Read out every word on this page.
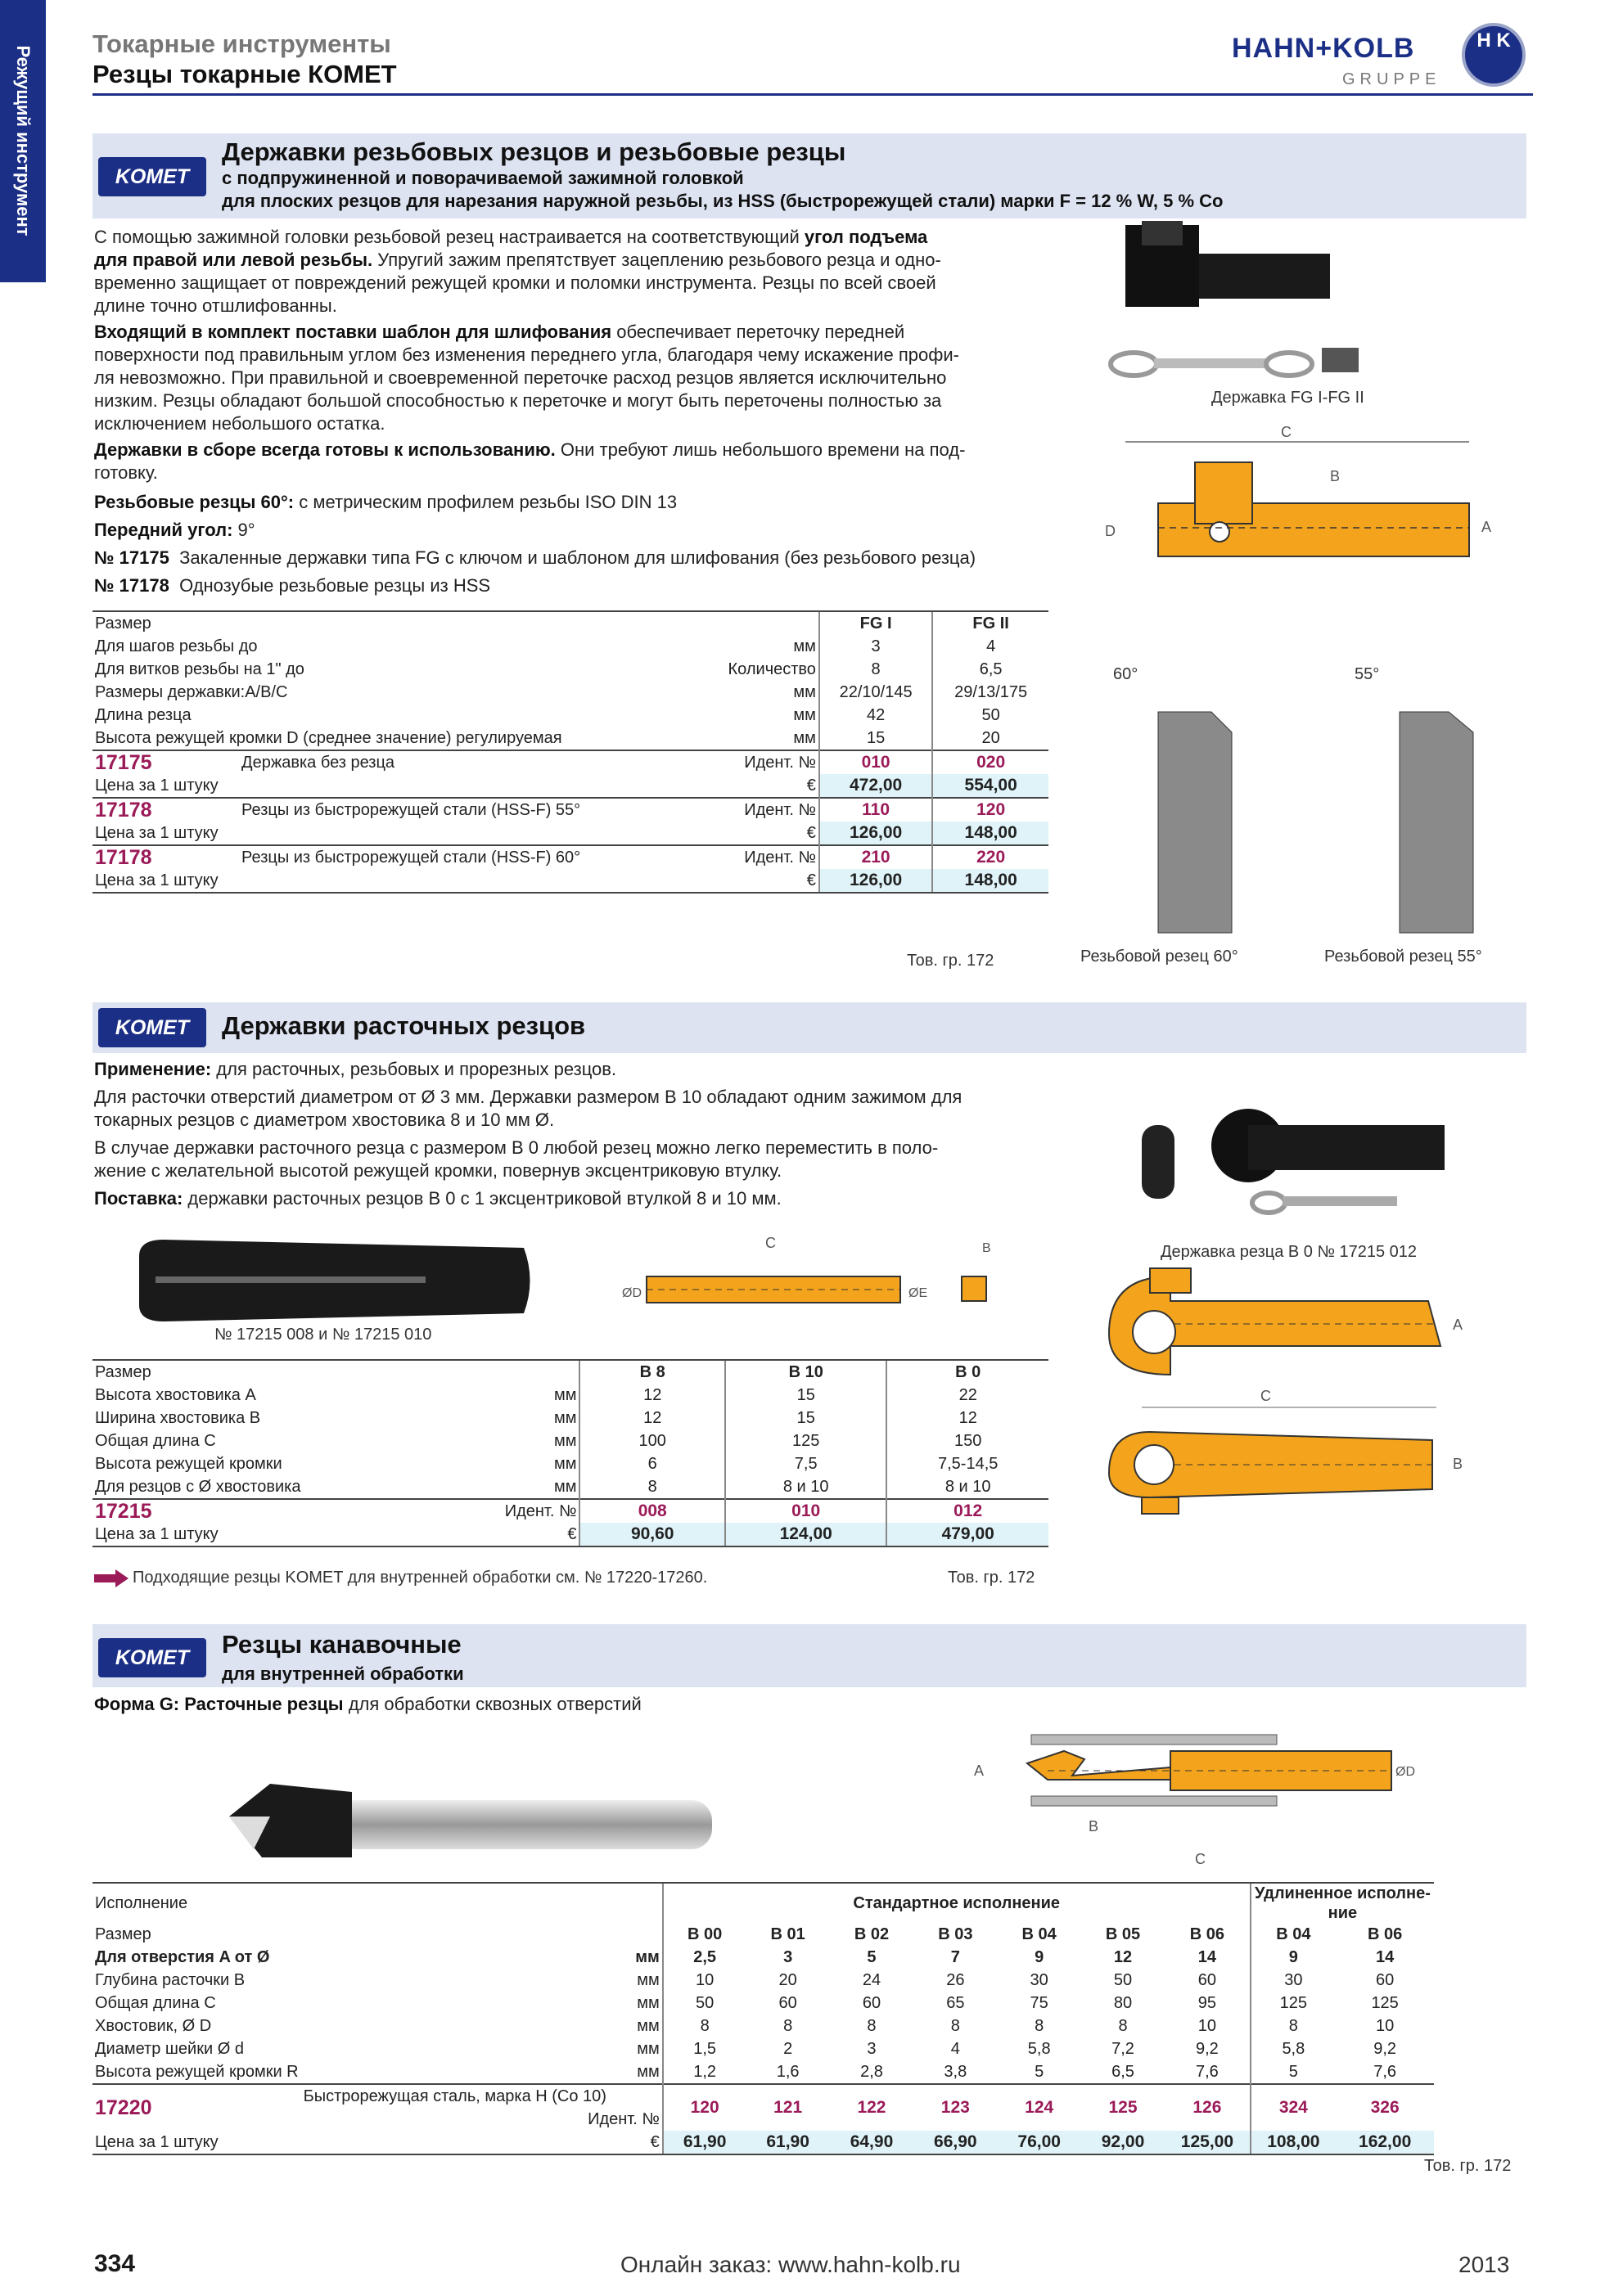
Режущий инструмент
Токарные инструменты
Резцы токарные КОМЕТ
HAHN+KOLB
GRUPPE
H K
KOMET
Державки резьбовых резцов и резьбовые резцы
с подпружиненной и поворачиваемой зажимной головкой
для плоских резцов для нарезания наружной резьбы, из HSS (быстрорежущей стали) марки F = 12 % W, 5 % Co
С помощью зажимной головки резьбовой резец настраивается на соответствующий угол подъема
для правой или левой резьбы. Упругий зажим препятствует зацеплению резьбового резца и одно-
временно защищает от повреждений режущей кромки и поломки инструмента. Резцы по всей своей
длине точно отшлифованны.
Входящий в комплект поставки шаблон для шлифования обеспечивает переточку передней
поверхности под правильным углом без изменения переднего угла, благодаря чему искажение профи-
ля невозможно. При правильной и своевременной переточке расход резцов является исключительно
низким. Резцы обладают большой способностью к переточке и могут быть переточены полностью за
исключением небольшого остатка.
Державки в сборе всегда готовы к использованию. Они требуют лишь небольшого времени на под-
готовку.
Резьбовые резцы 60°: с метрическим профилем резьбы ISO DIN 13
Передний угол: 9°
№ 17175 Закаленные державки типа FG с ключом и шаблоном для шлифования (без резьбового резца)
№ 17178 Однозубые резьбовые резцы из HSS
Размер			FG I	FG II
Для шагов резьбы до		мм	3	4
Для витков резьбы на 1" до		Количество	8	6,5
Размеры державки:A/B/C		мм	22/10/145	29/13/175
Длина резца		мм	42	50
Высота режущей кромки D (среднее значение) регулируемая		мм	15	20
17175	Державка без резца	Идент. №	010	020
Цена за 1 штуку		€	472,00	554,00
17178	Резцы из быстрорежущей стали (HSS-F) 55°	Идент. №	110	120
Цена за 1 штуку		€	126,00	148,00
17178	Резцы из быстрорежущей стали (HSS-F) 60°	Идент. №	210	220
Цена за 1 штуку		€	126,00	148,00
Тов. гр. 172
Державка FG I-FG II
C
B
A
D
60°	55°
Резьбовой резец 60°	Резьбовой резец 55°
KOMET	Державки расточных резцов
Применение: для расточных, резьбовых и прорезных резцов.
Для расточки отверстий диаметром от Ø 3 мм. Державки размером B 10 обладают одним зажимом для
токарных резцов с диаметром хвостовика 8 и 10 мм Ø.
В случае державки расточного резца с размером B 0 любой резец можно легко переместить в поло-
жение с желательной высотой режущей кромки, повернув эксцентриковую втулку.
Поставка: державки расточных резцов B 0 с 1 эксцентриковой втулкой 8 и 10 мм.
C
ØD	ØE
B
№ 17215 008 и № 17215 010
Державка резца B 0 № 17215 012
A
C
B
Размер		B 8	B 10	B 0
Высота хвостовика A	мм	12	15	22
Ширина хвостовика B	мм	12	15	12
Общая длина C	мм	100	125	150
Высота режущей кромки	мм	6	7,5	7,5-14,5
Для резцов с Ø хвостовика	мм	8	8 и 10	8 и 10
17215	Идент. №	008	010	012
Цена за 1 штуку	€	90,60	124,00	479,00
Подходящие резцы KOMET для внутренней обработки см. № 17220-17260.	Тов. гр. 172
KOMET	Резцы канавочные
для внутренней обработки
Форма G: Расточные резцы для обработки сквозных отверстий
A
B
C
ØD
Исполнение		Стандартное исполнение							Удлиненное исполне-ние	
Размер		B 00	B 01	B 02	B 03	B 04	B 05	B 06	B 04	B 06
Для отверстия A от Ø	мм	2,5	3	5	7	9	12	14	9	14
Глубина расточки B	мм	10	20	24	26	30	50	60	30	60
Общая длина C	мм	50	60	60	65	75	80	95	125	125
Хвостовик, Ø D	мм	8	8	8	8	8	8	10	8	10
Диаметр шейки Ø d	мм	1,5	2	3	4	5,8	7,2	9,2	5,8	9,2
Высота режущей кромки R	мм	1,2	1,6	2,8	3,8	5	6,5	7,6	5	7,6
17220	Быстрорежущая сталь, марка H (Co 10)
Идент. №	120	121	122	123	124	125	126	324	326
Цена за 1 штуку	€	61,90	61,90	64,90	66,90	76,00	92,00	125,00	108,00	162,00
Тов. гр. 172
334	Онлайн заказ: www.hahn-kolb.ru	2013
